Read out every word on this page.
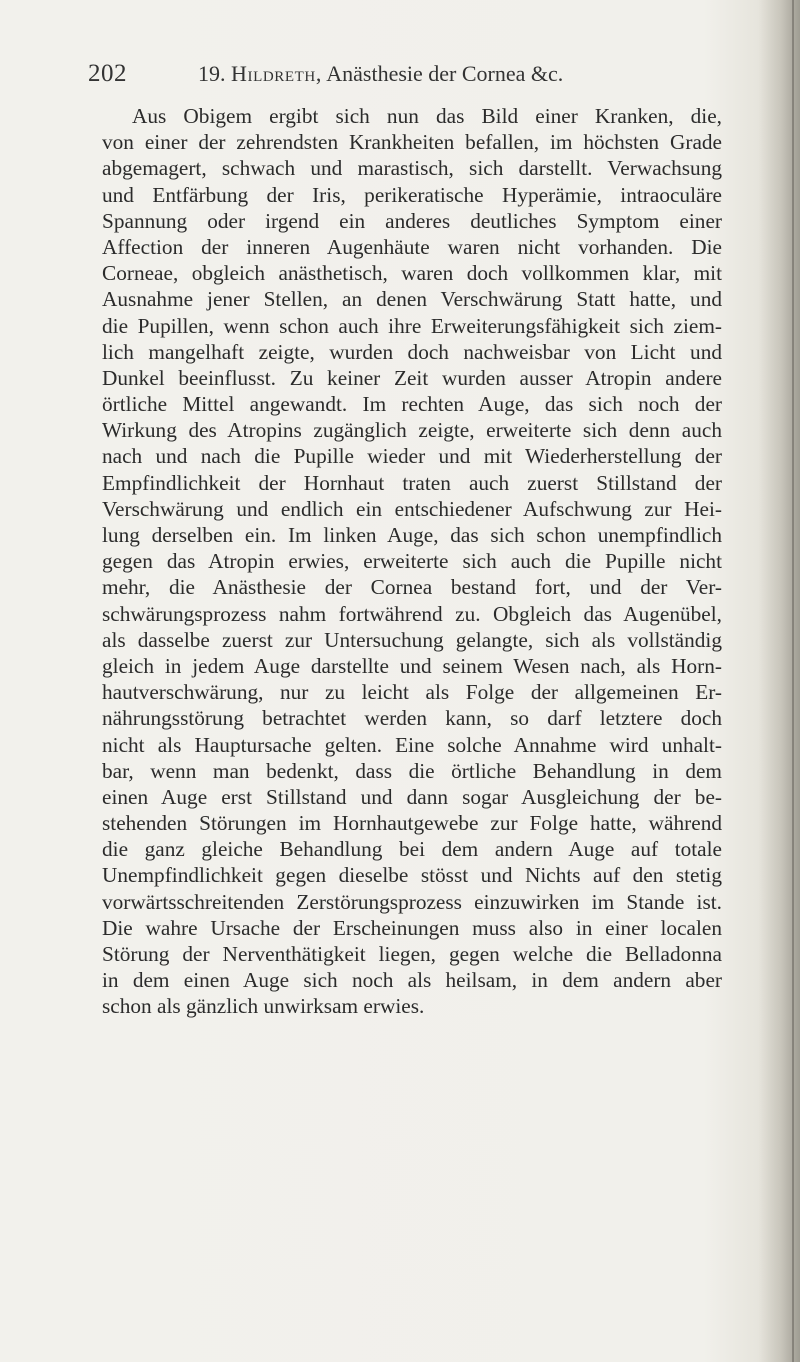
202	19. Hildreth, Anästhesie der Cornea &c.
Aus Obigem ergibt sich nun das Bild einer Kranken, die,
von einer der zehrendsten Krankheiten befallen, im höchsten Grade
abgemagert, schwach und marastisch, sich darstellt. Verwachsung
und Entfärbung der Iris, perikeratische Hyperämie, intraoculäre
Spannung oder irgend ein anderes deutliches Symptom einer
Affection der inneren Augenhäute waren nicht vorhanden. Die
Corneae, obgleich anästhetisch, waren doch vollkommen klar, mit
Ausnahme jener Stellen, an denen Verschwärung Statt hatte, und
die Pupillen, wenn schon auch ihre Erweiterungsfähigkeit sich ziem-
lich mangelhaft zeigte, wurden doch nachweisbar von Licht und
Dunkel beeinflusst. Zu keiner Zeit wurden ausser Atropin andere
örtliche Mittel angewandt. Im rechten Auge, das sich noch der
Wirkung des Atropins zugänglich zeigte, erweiterte sich denn auch
nach und nach die Pupille wieder und mit Wiederherstellung der
Empfindlichkeit der Hornhaut traten auch zuerst Stillstand der
Verschwärung und endlich ein entschiedener Aufschwung zur Hei-
lung derselben ein. Im linken Auge, das sich schon unempfindlich
gegen das Atropin erwies, erweiterte sich auch die Pupille nicht
mehr, die Anästhesie der Cornea bestand fort, und der Ver-
schwärungsprozess nahm fortwährend zu. Obgleich das Augenübel,
als dasselbe zuerst zur Untersuchung gelangte, sich als vollständig
gleich in jedem Auge darstellte und seinem Wesen nach, als Horn-
hautverschwärung, nur zu leicht als Folge der allgemeinen Er-
nährungsstörung betrachtet werden kann, so darf letztere doch
nicht als Hauptursache gelten. Eine solche Annahme wird unhalt-
bar, wenn man bedenkt, dass die örtliche Behandlung in dem
einen Auge erst Stillstand und dann sogar Ausgleichung der be-
stehenden Störungen im Hornhautgewebe zur Folge hatte, während
die ganz gleiche Behandlung bei dem andern Auge auf totale
Unempfindlichkeit gegen dieselbe stösst und Nichts auf den stetig
vorwärtsschreitenden Zerstörungsprozess einzuwirken im Stande ist.
Die wahre Ursache der Erscheinungen muss also in einer localen
Störung der Nerventhätigkeit liegen, gegen welche die Belladonna
in dem einen Auge sich noch als heilsam, in dem andern aber
schon als gänzlich unwirksam erwies.
